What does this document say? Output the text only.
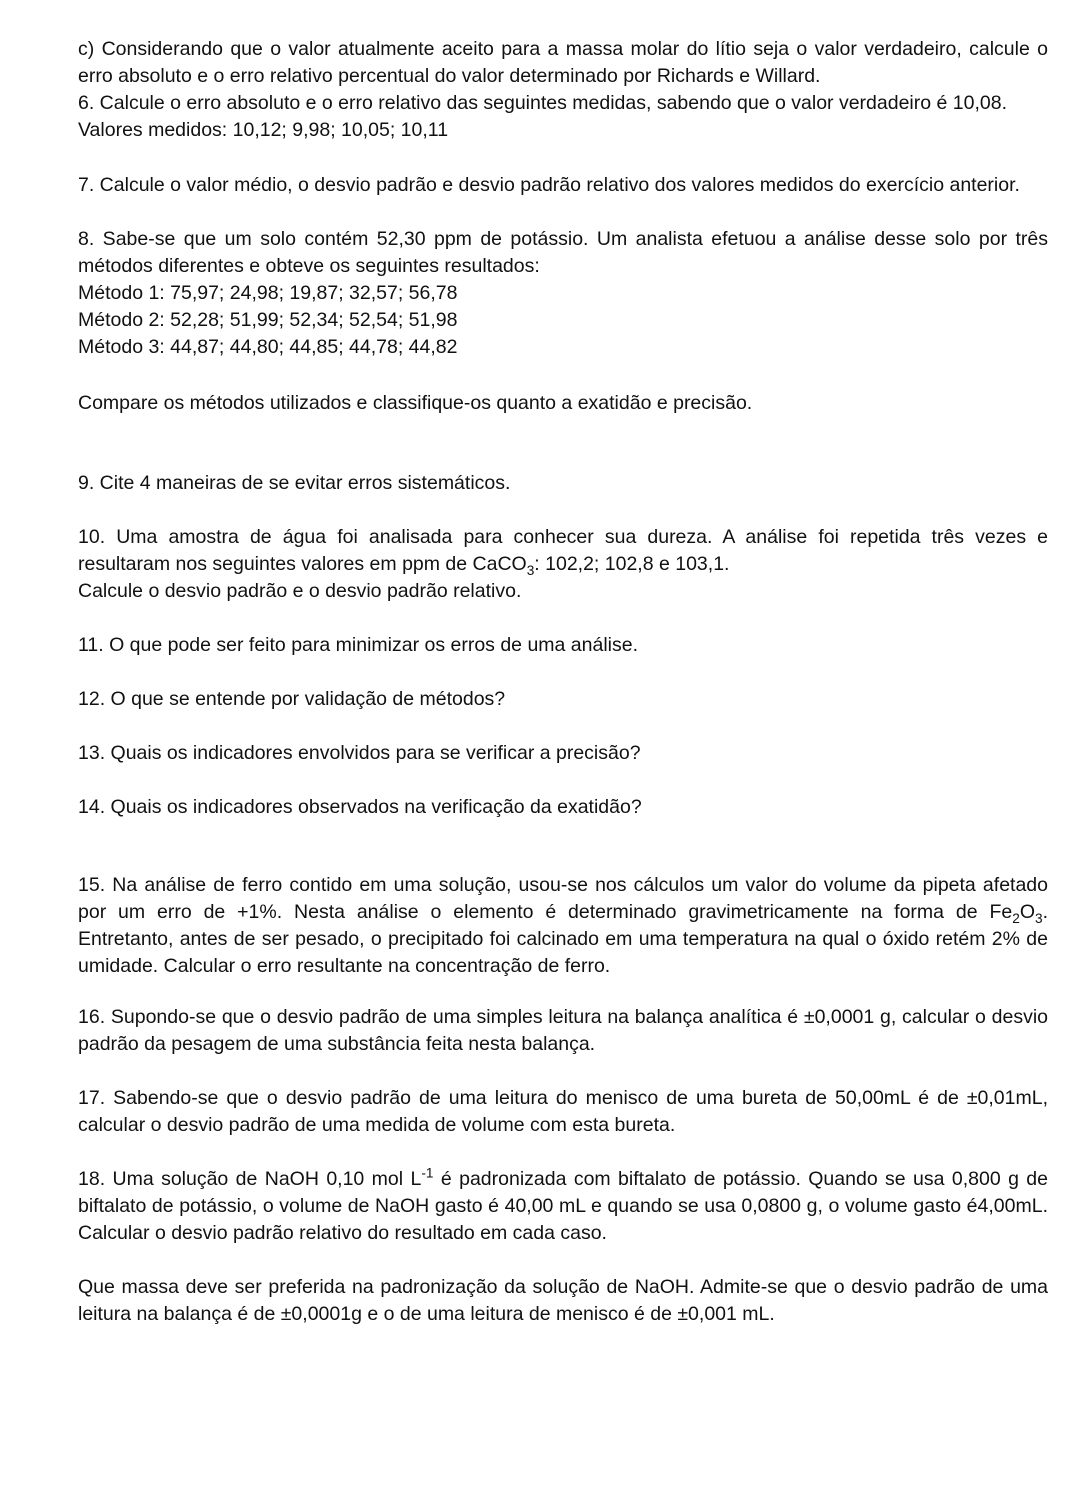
c) Considerando que o valor atualmente aceito para a massa molar do lítio seja o valor verdadeiro, calcule o erro absoluto e o erro relativo percentual do valor determinado por Richards e Willard.

6. Calcule o erro absoluto e o erro relativo das seguintes medidas, sabendo que o valor verdadeiro é 10,08.

Valores medidos: 10,12; 9,98; 10,05; 10,11

7. Calcule o valor médio, o desvio padrão e desvio padrão relativo dos valores medidos do exercício anterior.

8. Sabe-se que um solo contém 52,30 ppm de potássio. Um analista efetuou a análise desse solo por três métodos diferentes e obteve os seguintes resultados:

Método 1: 75,97; 24,98; 19,87; 32,57; 56,78

Método 2: 52,28; 51,99; 52,34; 52,54; 51,98

Método 3: 44,87; 44,80; 44,85; 44,78; 44,82

Compare os métodos utilizados e classifique-os quanto a exatidão e precisão.

9. Cite 4 maneiras de se evitar erros sistemáticos.

10. Uma amostra de água foi analisada para conhecer sua dureza. A análise foi repetida três vezes e resultaram nos seguintes valores em ppm de CaCO$_3$: 102,2; 102,8 e 103,1.

Calcule o desvio padrão e o desvio padrão relativo.

11. O que pode ser feito para minimizar os erros de uma análise.

12. O que se entende por validação de métodos?

13. Quais os indicadores envolvidos para se verificar a precisão?

14. Quais os indicadores observados na verificação da exatidão?

15. Na análise de ferro contido em uma solução, usou-se nos cálculos um valor do volume da pipeta afetado por um erro de +1%. Nesta análise o elemento é determinado gravimetricamente na forma de $Fe_2O_3$. Entretanto, antes de ser pesado, o precipitado foi calcinado em uma temperatura na qual o óxido retém 2% de umidade. Calcular o erro resultante na concentração de ferro.

16. Supondo-se que o desvio padrão de uma simples leitura na balança analítica é ±0,0001 g, calcular o desvio padrão da pesagem de uma substância feita nesta balança.

17. Sabendo-se que o desvio padrão de uma leitura do menisco de uma bureta de 50,00mL é de ±0,01mL, calcular o desvio padrão de uma medida de volume com esta bureta.

18. Uma solução de NaOH 0,10 mol $L^{-1}$ é padronizada com biftalato de potássio. Quando se usa 0,800 g de biftalato de potássio, o volume de NaOH gasto é 40,00 mL e quando se usa 0,0800 g, o volume gasto é4,00mL. Calcular o desvio padrão relativo do resultado em cada caso.

Que massa deve ser preferida na padronização da solução de NaOH. Admite-se que o desvio padrão de uma leitura na balança é de ±0,0001g e o de uma leitura de menisco é de ±0,001 mL.
